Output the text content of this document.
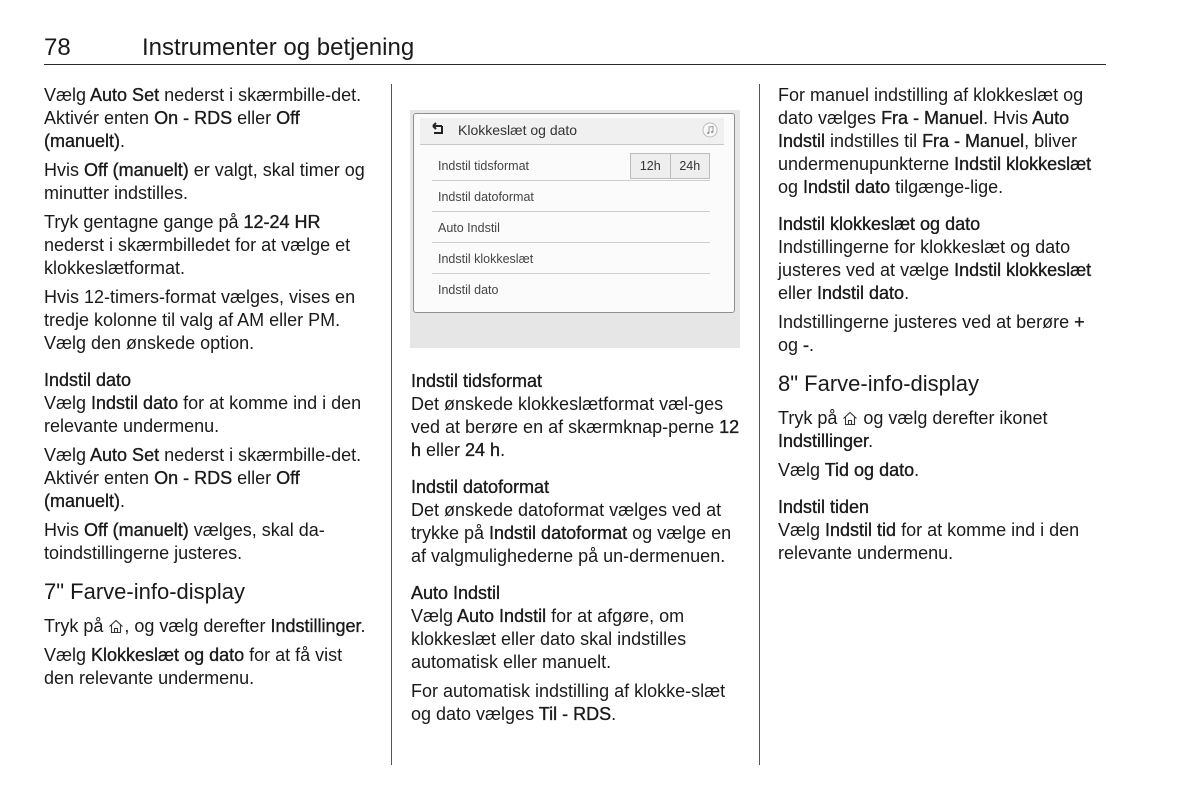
78	Instrumenter og betjening

Vælg Auto Set nederst i skærmbille-det. Aktivér enten On - RDS eller Off (manuelt).

Hvis Off (manuelt) er valgt, skal timer og minutter indstilles.

Tryk gentagne gange på 12-24 HR nederst i skærmbilledet for at vælge et klokkeslætformat.

Hvis 12-timers-format vælges, vises en tredje kolonne til valg af AM eller PM. Vælg den ønskede option.

Indstil dato

Vælg Indstil dato for at komme ind i den relevante undermenu.

Vælg Auto Set nederst i skærmbille-det. Aktivér enten On - RDS eller Off (manuelt).

Hvis Off (manuelt) vælges, skal da-toindstillingerne justeres.

7" Farve-info-display

Tryk på
, og vælg derefter Indstillinger.

Vælg Klokkeslæt og dato for at få vist den relevante undermenu.

Klokkeslæt og dato
Indstil tidsformat	12h	24h
Indstil datoformat
Auto Indstil
Indstil klokkeslæt
Indstil dato
Indstil tidsformat

Det ønskede klokkeslætformat væl-ges ved at berøre en af skærmknap-perne 12 h eller 24 h.

Indstil datoformat

Det ønskede datoformat vælges ved at trykke på Indstil datoformat og vælge en af valgmulighederne på un-dermenuen.

Auto Indstil

Vælg Auto Indstil for at afgøre, om klokkeslæt eller dato skal indstilles automatisk eller manuelt.

For automatisk indstilling af klokke-slæt og dato vælges Til - RDS.

For manuel indstilling af klokkeslæt og dato vælges Fra - Manuel. Hvis Auto Indstil indstilles til Fra - Manuel, bliver undermenupunkterne Indstil klokkeslæt og Indstil dato tilgænge-lige.

Indstil klokkeslæt og dato

Indstillingerne for klokkeslæt og dato justeres ved at vælge Indstil klokkeslæt eller Indstil dato.

Indstillingerne justeres ved at berøre + og -.

8" Farve-info-display

Tryk på
og vælg derefter ikonet Indstillinger.

Vælg Tid og dato.

Indstil tiden

Vælg Indstil tid for at komme ind i den relevante undermenu.
